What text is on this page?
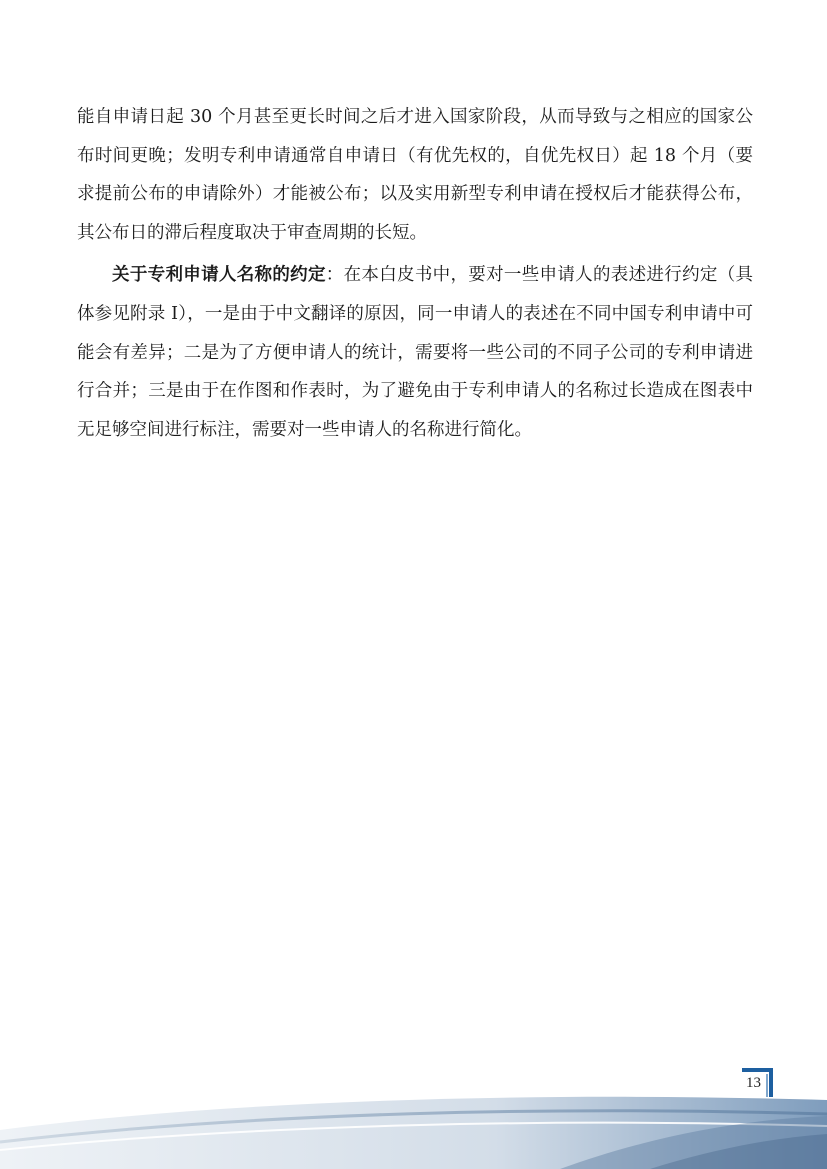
能自申请日起 30 个月甚至更长时间之后才进入国家阶段，从而导致与之相应的国家公布时间更晚；发明专利申请通常自申请日（有优先权的，自优先权日）起 18 个月（要求提前公布的申请除外）才能被公布；以及实用新型专利申请在授权后才能获得公布，其公布日的滞后程度取决于审查周期的长短。

关于专利申请人名称的约定：在本白皮书中，要对一些申请人的表述进行约定（具体参见附录 I），一是由于中文翻译的原因，同一申请人的表述在不同中国专利申请中可能会有差异；二是为了方便申请人的统计，需要将一些公司的不同子公司的专利申请进行合并；三是由于在作图和作表时，为了避免由于专利申请人的名称过长造成在图表中无足够空间进行标注，需要对一些申请人的名称进行简化。

13
